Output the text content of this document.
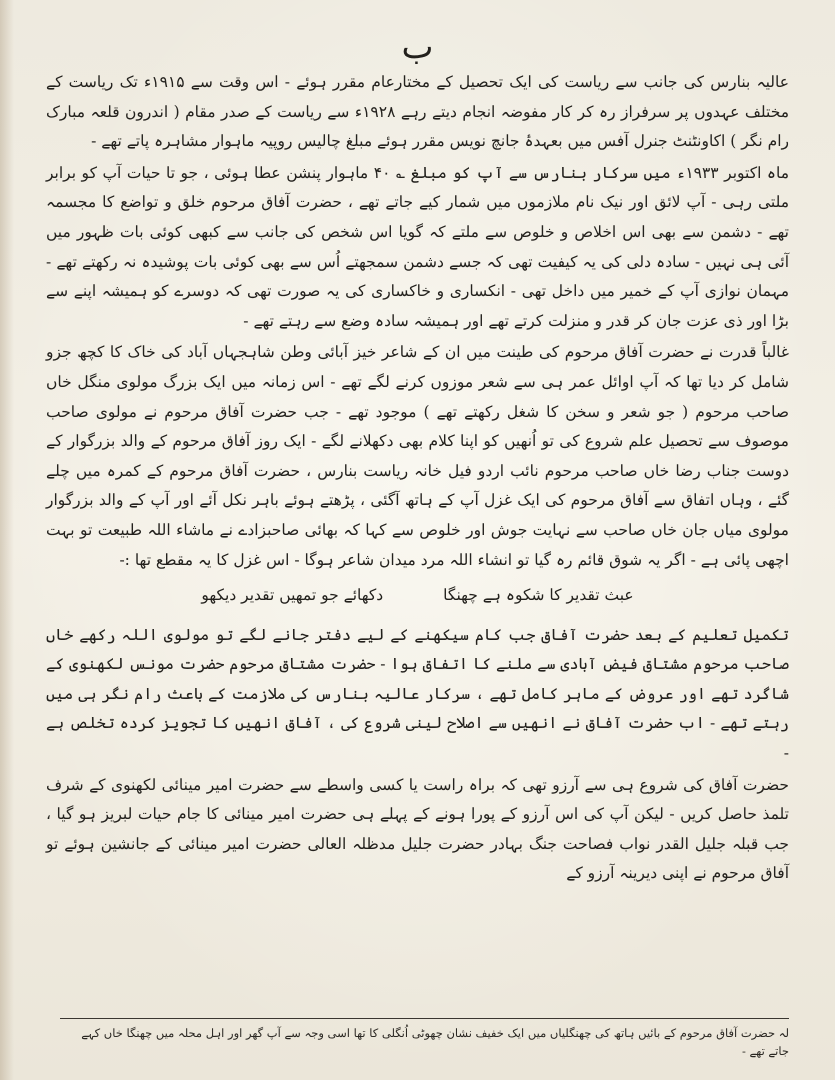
ب

عالیہ بنارس کی جانب سے ریاست کی ایک تحصیل کے مختارعام مقرر ہوئے - اس وقت سے ۱۹۱۵ء تک ریاست کے مختلف عہدوں پر سرفراز رہ کر کار مفوضہ انجام دیتے رہے ۱۹۲۸ء سے ریاست کے صدر مقام ( اندرون قلعہ مبارک رام نگر ) اکاونٹنٹ جنرل آفس میں بعہدۂ جانچ نویس مقرر ہوئے مبلغ چالیس روپیہ ماہوار مشاہرہ پاتے تھے -

ماہ اکتوبر ۱۹۳۳ء میں سرکار بنارس سے آپ کو مبلغ ؎ ۴۰ ماہوار پنشن عطا ہوئی ، جو تا حیات آپ کو برابر ملتی رہی - آپ لائق اور نیک نام ملازموں میں شمار کیے جاتے تھے ، حضرت آفاق مرحوم خلق و تواضع کا مجسمہ تھے - دشمن سے بھی اس اخلاص و خلوص سے ملتے کہ گویا اس شخص کی جانب سے کبھی کوئی بات ظہور میں آئی ہی نہیں - سادہ دلی کی یہ کیفیت تھی کہ جسے دشمن سمجھتے اُس سے بھی کوئی بات پوشیدہ نہ رکھتے تھے - مہمان نوازی آپ کے خمیر میں داخل تھی - انکساری و خاکساری کی یہ صورت تھی کہ دوسرے کو ہمیشہ اپنے سے بڑا اور ذی عزت جان کر قدر و منزلت کرتے تھے اور ہمیشہ سادہ وضع سے رہتے تھے -

غالباً قدرت نے حضرت آفاق مرحوم کی طینت میں ان کے شاعر خیز آبائی وطن شاہجہاں آباد کی خاک کا کچھ جزو شامل کر دیا تھا کہ آپ اوائل عمر ہی سے شعر موزوں کرنے لگے تھے - اس زمانہ میں ایک بزرگ مولوی منگل خاں صاحب مرحوم ( جو شعر و سخن کا شغل رکھتے تھے ) موجود تھے - جب حضرت آفاق مرحوم نے مولوی صاحب موصوف سے تحصیل علم شروع کی تو اُنھیں کو اپنا کلام بھی دکھلانے لگے - ایک روز آفاق مرحوم کے والد بزرگوار کے دوست جناب رضا خاں صاحب مرحوم نائب اردو فیل خانہ ریاست بنارس ، حضرت آفاق مرحوم کے کمرہ میں چلے گئے ، وہاں اتفاق سے آفاق مرحوم کی ایک غزل آپ کے ہاتھ آگئی ، پڑھتے ہوئے باہر نکل آئے اور آپ کے والد بزرگوار مولوی میاں جان خاں صاحب سے نہایت جوش اور خلوص سے کہا کہ بھائی صاحبزادے نے ماشاء اللہ طبیعت تو بہت اچھی پائی ہے - اگر یہ شوق قائم رہ گیا تو انشاء اللہ مرد میدان شاعر ہوگا - اس غزل کا یہ مقطع تھا :-

عبث تقدیر کا شکوہ ہے چھنگا
دکھائے جو تمھیں تقدیر دیکھو

تکمیل تعلیم کے بعد حضرت آفاق جب کام سیکھنے کے لیے دفتر جانے لگے تو مولوی اللہ رکھے خاں صاحب مرحوم مشتاق فیض آبادی سے ملنے کا اتفاق ہوا - حضرت مشتاق مرحوم حضرت مونس لکھنوی کے شاگرد تھے اور عروض کے ماہر کامل تھے ، سرکار عالیہ بنارس کی ملازمت کے باعث رام نگر ہی میں رہتے تھے - اب حضرت آفاق نے انھیں سے اصلاح لینی شروع کی ، آفاق انھیں کا تجویز کردہ تخلص ہے -

حضرت آفاق کی شروع ہی سے آرزو تھی کہ براہ راست یا کسی واسطے سے حضرت امیر مینائی لکھنوی کے شرف تلمذ حاصل کریں - لیکن آپ کی اس آرزو کے پورا ہونے کے پہلے ہی حضرت امیر مینائی کا جام حیات لبریز ہو گیا ، جب قبلہ جلیل القدر نواب فصاحت جنگ بہادر حضرت جلیل مدظلہ العالی حضرت امیر مینائی کے جانشین ہوئے تو آفاق مرحوم نے اپنی دیرینہ آرزو کے

لہ حضرت آفاق مرحوم کے بائیں ہاتھ کی چھنگلیاں میں ایک خفیف نشان چھوٹی اُنگلی کا تھا اسی وجہ سے آپ گھر اور اہل محلہ میں چھنگا خاں کہے جاتے تھے -
